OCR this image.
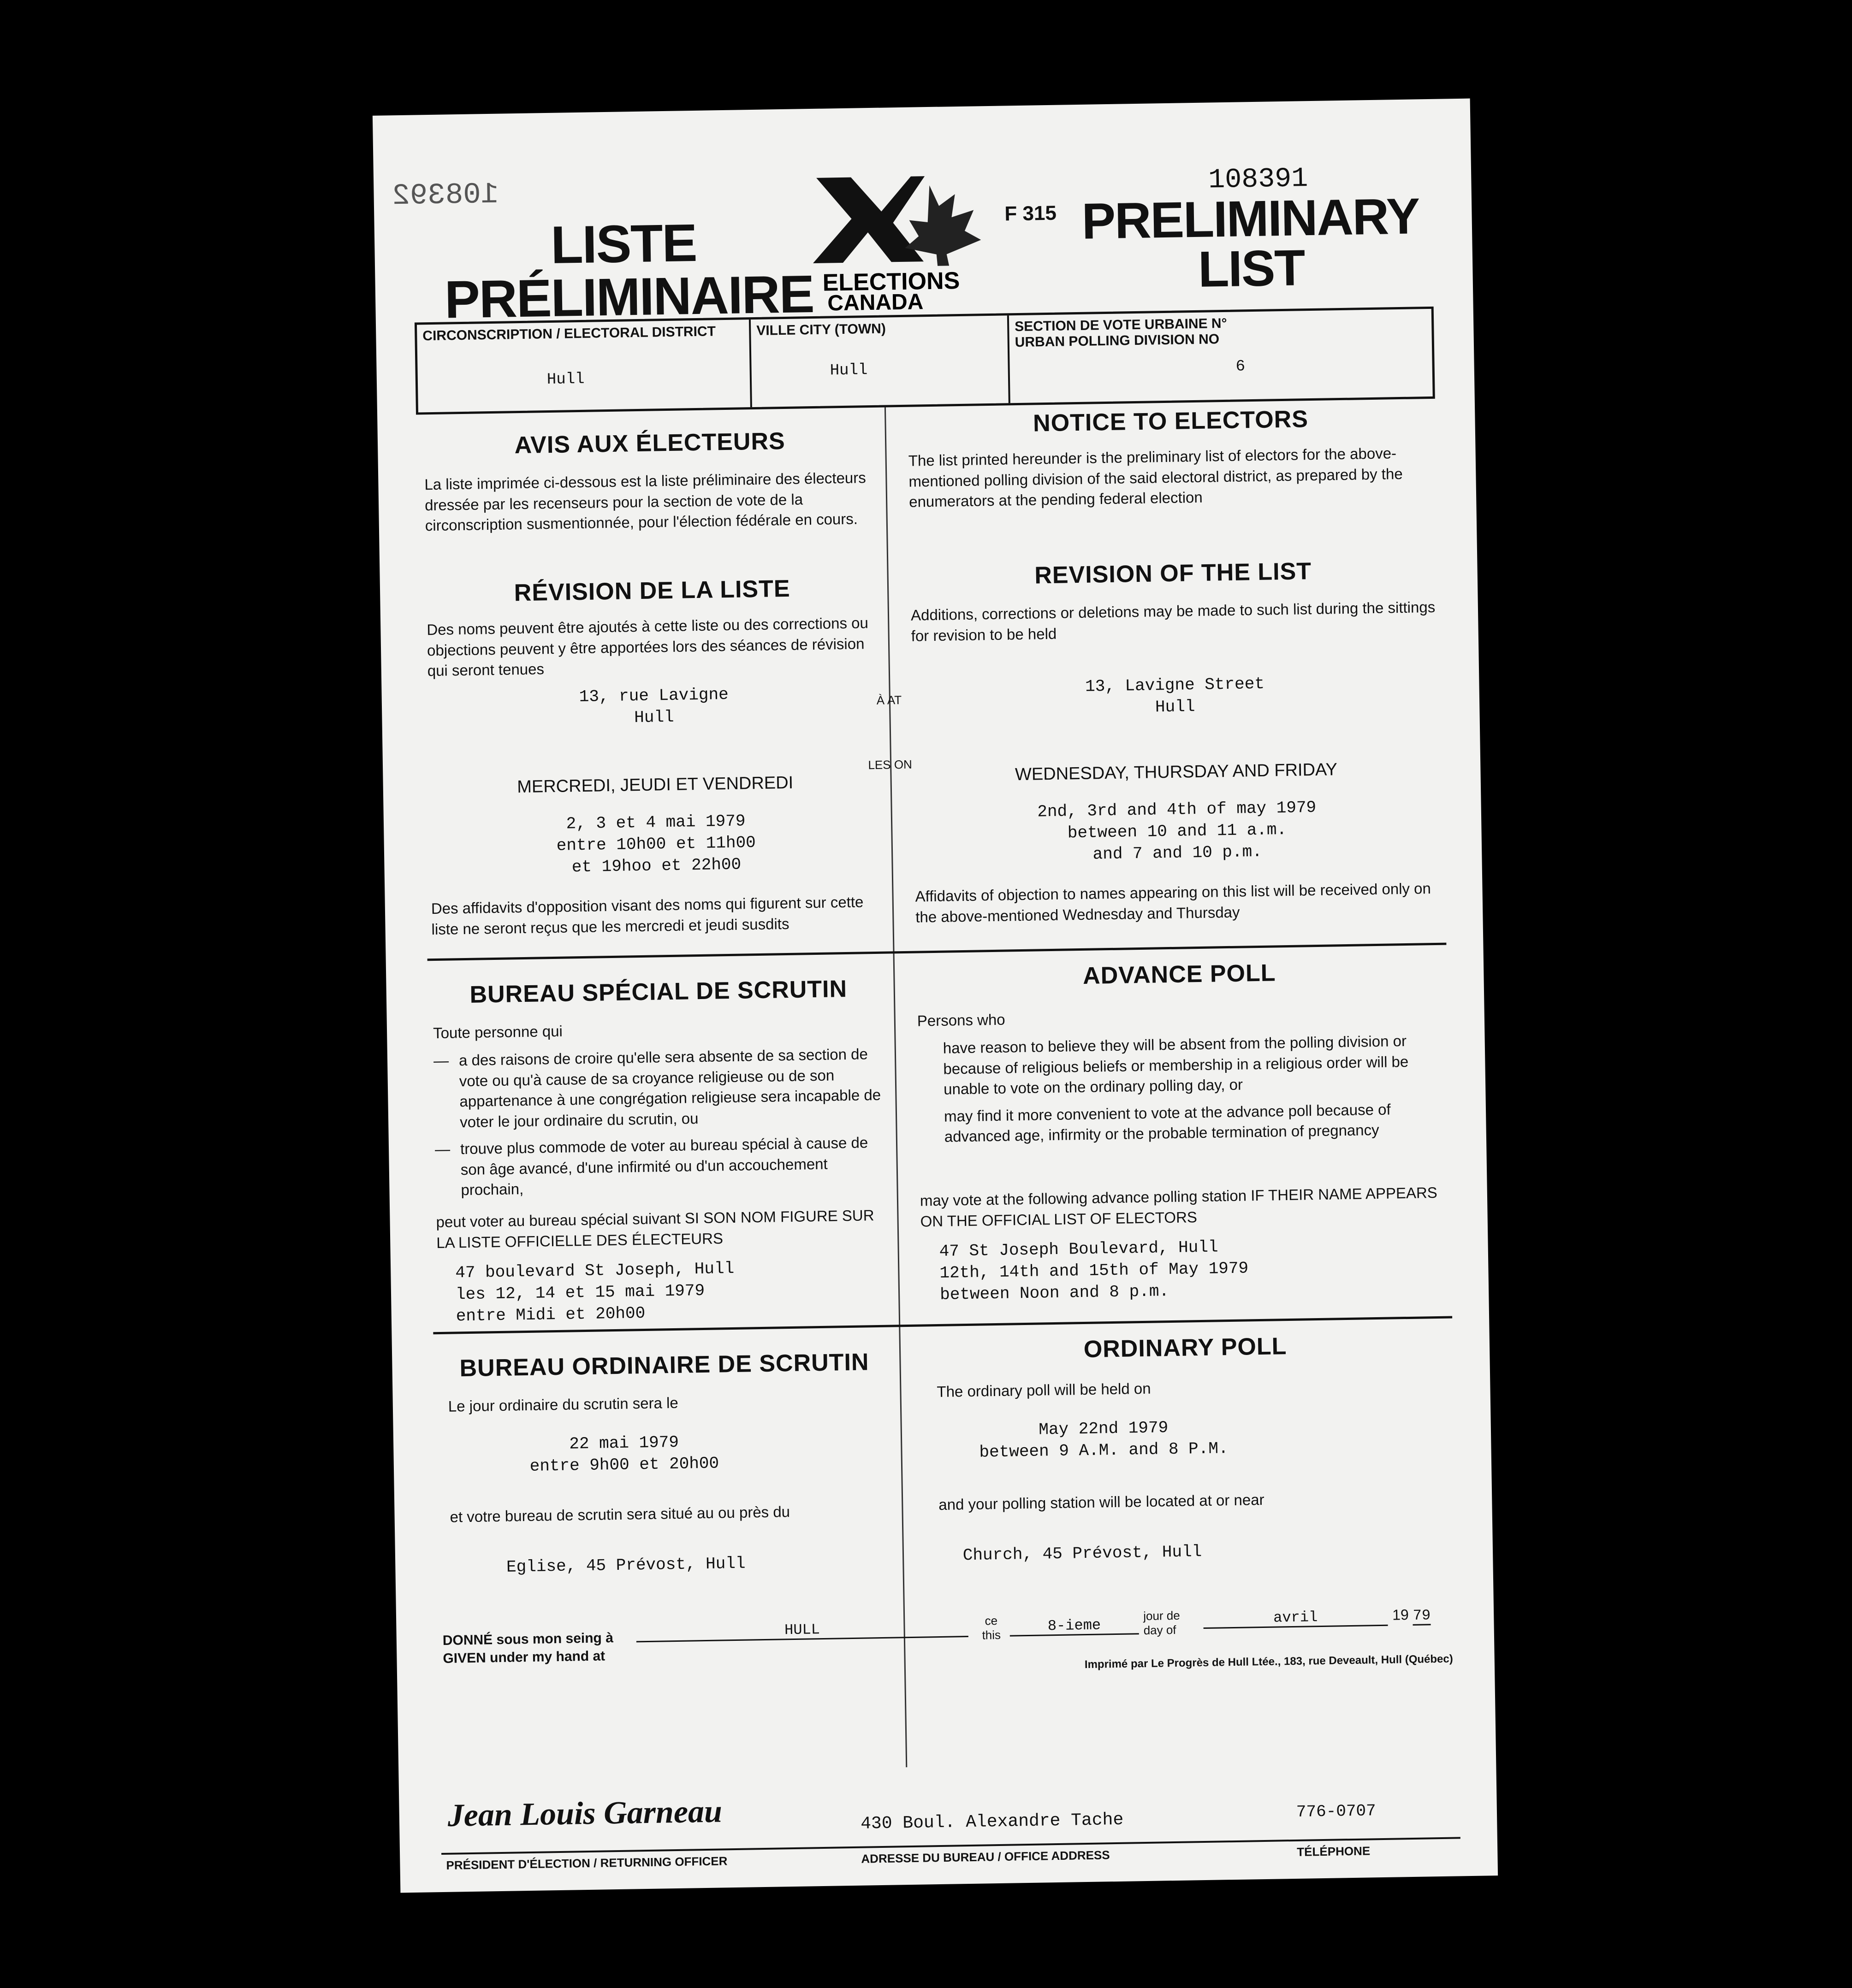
108392	108391
LISTE PRÉLIMINAIRE ELECTIONS
CANADA
F 315 PRELIMINARY LIST
CIRCONSCRIPTION / ELECTORAL DISTRICT
Hull
VILLE CITY (TOWN)
Hull
SECTION DE VOTE URBAINE N°
URBAN POLLING DIVISION NO
6
AVIS AUX ÉLECTEURS

La liste imprimée ci-dessous est la liste préliminaire des électeurs dressée par les recenseurs pour la section de vote de la circonscription susmentionnée, pour l'élection fédérale en cours.

RÉVISION DE LA LISTE

Des noms peuvent être ajoutés à cette liste ou des corrections ou objections peuvent y être apportées lors des séances de révision qui seront tenues

13, rue Lavigne
Hull
MERCREDI, JEUDI ET VENDREDI
2, 3 et 4 mai 1979
entre 10h00 et 11h00
et 19hoo et 22h00

Des affidavits d'opposition visant des noms qui figurent sur cette liste ne seront reçus que les mercredi et jeudi susdits

À AT
LES ON
NOTICE TO ELECTORS

The list printed hereunder is the preliminary list of electors for the above-mentioned polling division of the said electoral district, as prepared by the enumerators at the pending federal election

REVISION OF THE LIST

Additions, corrections or deletions may be made to such list during the sittings for revision to be held

13, Lavigne Street
Hull
WEDNESDAY, THURSDAY AND FRIDAY
2nd, 3rd and 4th of may 1979
between 10 and 11 a.m.
and 7 and 10 p.m.

Affidavits of objection to names appearing on this list will be received only on the above-mentioned Wednesday and Thursday

BUREAU SPÉCIAL DE SCRUTIN

Toute personne qui

— a des raisons de croire qu'elle sera absente de sa section de vote ou qu'à cause de sa croyance religieuse ou de son appartenance à une congrégation religieuse sera incapable de voter le jour ordinaire du scrutin, ou
— trouve plus commode de voter au bureau spécial à cause de son âge avancé, d'une infirmité ou d'un accouchement prochain,

peut voter au bureau spécial suivant SI SON NOM FIGURE SUR LA LISTE OFFICIELLE DES ÉLECTEURS

47 boulevard St Joseph, Hull
les 12, 14 et 15 mai 1979
entre Midi et 20h00
ADVANCE POLL

Persons who

have reason to believe they will be absent from the polling division or because of religious beliefs or membership in a religious order will be unable to vote on the ordinary polling day, or
may find it more convenient to vote at the advance poll because of advanced age, infirmity or the probable termination of pregnancy

may vote at the following advance polling station IF THEIR NAME APPEARS ON THE OFFICIAL LIST OF ELECTORS

47 St Joseph Boulevard, Hull
12th, 14th and 15th of May 1979
between Noon and 8 p.m.
BUREAU ORDINAIRE DE SCRUTIN

Le jour ordinaire du scrutin sera le

22 mai 1979
entre 9h00 et 20h00

et votre bureau de scrutin sera situé au ou près du

Eglise, 45 Prévost, Hull
ORDINARY POLL

The ordinary poll will be held on

May 22nd 1979
between 9 A.M. and 8 P.M.

and your polling station will be located at or near

Church, 45 Prévost, Hull
DONNÉ sous mon seing à
GIVEN under my hand at
HULL
ce
this
8-ieme
jour de
day of
avril	19 79
Imprimé par Le Progrès de Hull Ltée., 183, rue Deveault, Hull (Québec)
Jean Louis Garneau	430 Boul. Alexandre Tache	776-0707
PRÉSIDENT D'ÉLECTION / RETURNING OFFICER	ADRESSE DU BUREAU / OFFICE ADDRESS	TÉLÉPHONE
